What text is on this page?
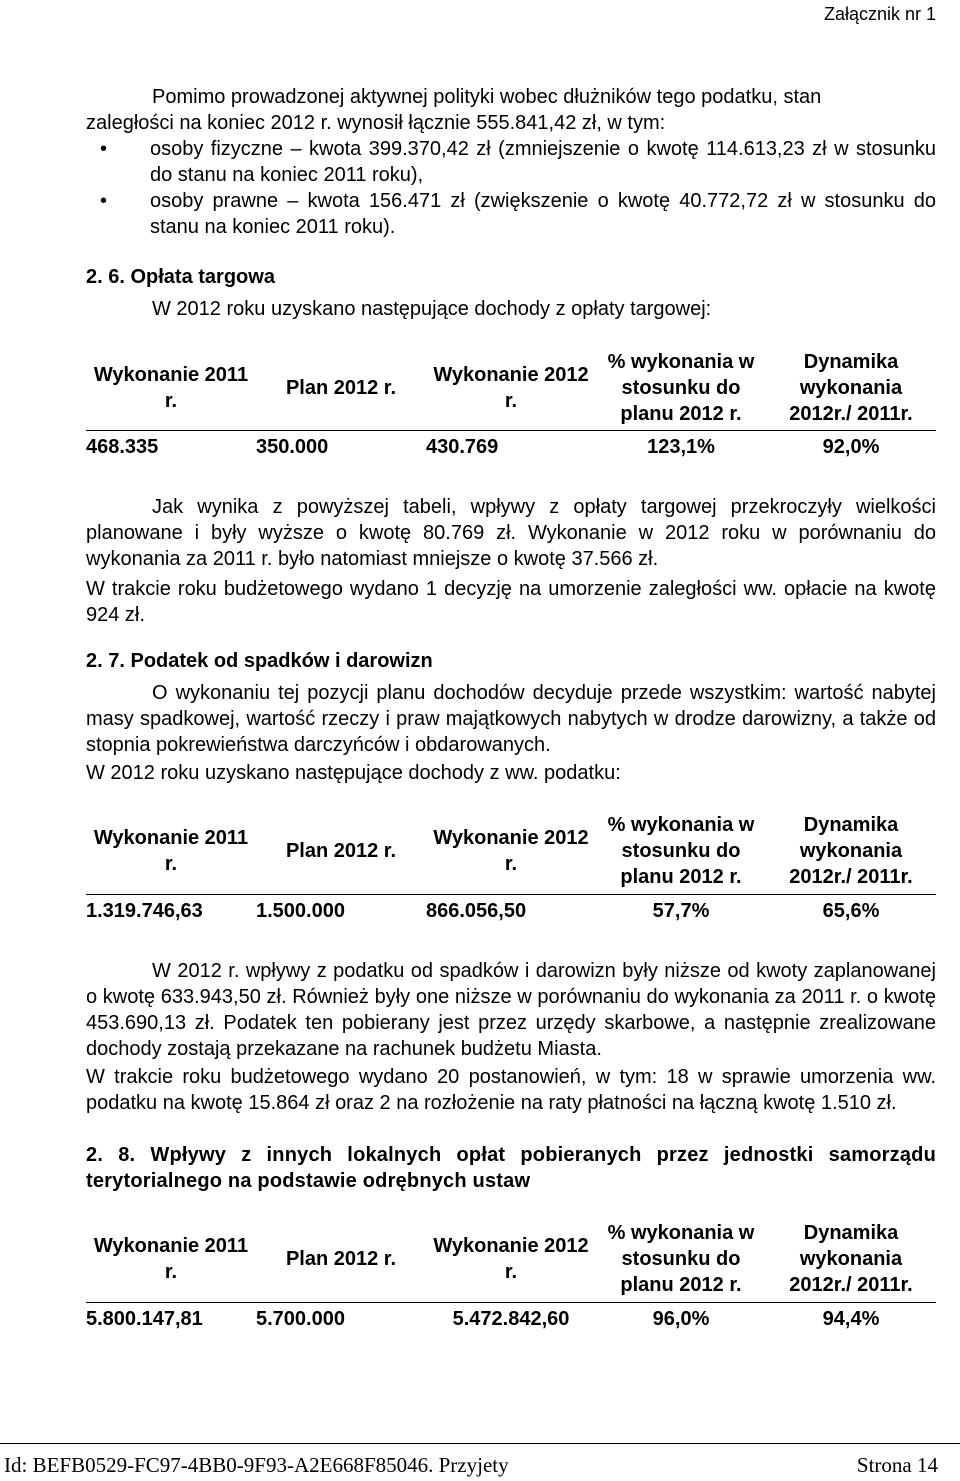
Załącznik nr 1
Pomimo prowadzonej aktywnej polityki wobec dłużników tego podatku, stan
zaległości na koniec 2012 r. wynosił łącznie 555.841,42 zł, w tym:
• osoby fizyczne – kwota 399.370,42 zł (zmniejszenie o kwotę 114.613,23 zł w stosunku do stanu na koniec 2011 roku),
• osoby prawne – kwota 156.471 zł (zwiększenie o kwotę 40.772,72 zł w stosunku do stanu na koniec 2011 roku).
2. 6. Opłata targowa
W 2012 roku uzyskano następujące dochody z opłaty targowej:
Wykonanie 2011 r.	Plan 2012 r.	Wykonanie 2012 r.	% wykonania w stosunku do planu 2012 r.	Dynamika wykonania 2012r./ 2011r.
468.335	350.000	430.769	123,1%	92,0%
Jak wynika z powyższej tabeli, wpływy z opłaty targowej przekroczyły wielkości planowane i były wyższe o kwotę 80.769 zł. Wykonanie w 2012 roku w porównaniu do wykonania za 2011 r. było natomiast mniejsze o kwotę 37.566 zł.
W trakcie roku budżetowego wydano 1 decyzję na umorzenie zaległości ww. opłacie na kwotę 924 zł.
2. 7. Podatek od spadków i darowizn
O wykonaniu tej pozycji planu dochodów decyduje przede wszystkim: wartość nabytej masy spadkowej, wartość rzeczy i praw majątkowych nabytych w drodze darowizny, a także od stopnia pokrewieństwa darczyńców i obdarowanych.
W 2012 roku uzyskano następujące dochody z ww. podatku:
Wykonanie 2011 r.	Plan 2012 r.	Wykonanie 2012 r.	% wykonania w stosunku do planu 2012 r.	Dynamika wykonania 2012r./ 2011r.
1.319.746,63	1.500.000	866.056,50	57,7%	65,6%
W 2012 r. wpływy z podatku od spadków i darowizn były niższe od kwoty zaplanowanej o kwotę 633.943,50 zł. Również były one niższe w porównaniu do wykonania za 2011 r. o kwotę 453.690,13 zł. Podatek ten pobierany jest przez urzędy skarbowe, a następnie zrealizowane dochody zostają przekazane na rachunek budżetu Miasta.
W trakcie roku budżetowego wydano 20 postanowień, w tym: 18 w sprawie umorzenia ww. podatku na kwotę 15.864 zł oraz 2 na rozłożenie na raty płatności na łączną kwotę 1.510 zł.
2. 8. Wpływy z innych lokalnych opłat pobieranych przez jednostki samorządu terytorialnego na podstawie odrębnych ustaw
Wykonanie 2011 r.	Plan 2012 r.	Wykonanie 2012 r.	% wykonania w stosunku do planu 2012 r.	Dynamika wykonania 2012r./ 2011r.
5.800.147,81	5.700.000	5.472.842,60	96,0%	94,4%
Id: BEFB0529-FC97-4BB0-9F93-A2E668F85046. Przyjety	Strona 14
